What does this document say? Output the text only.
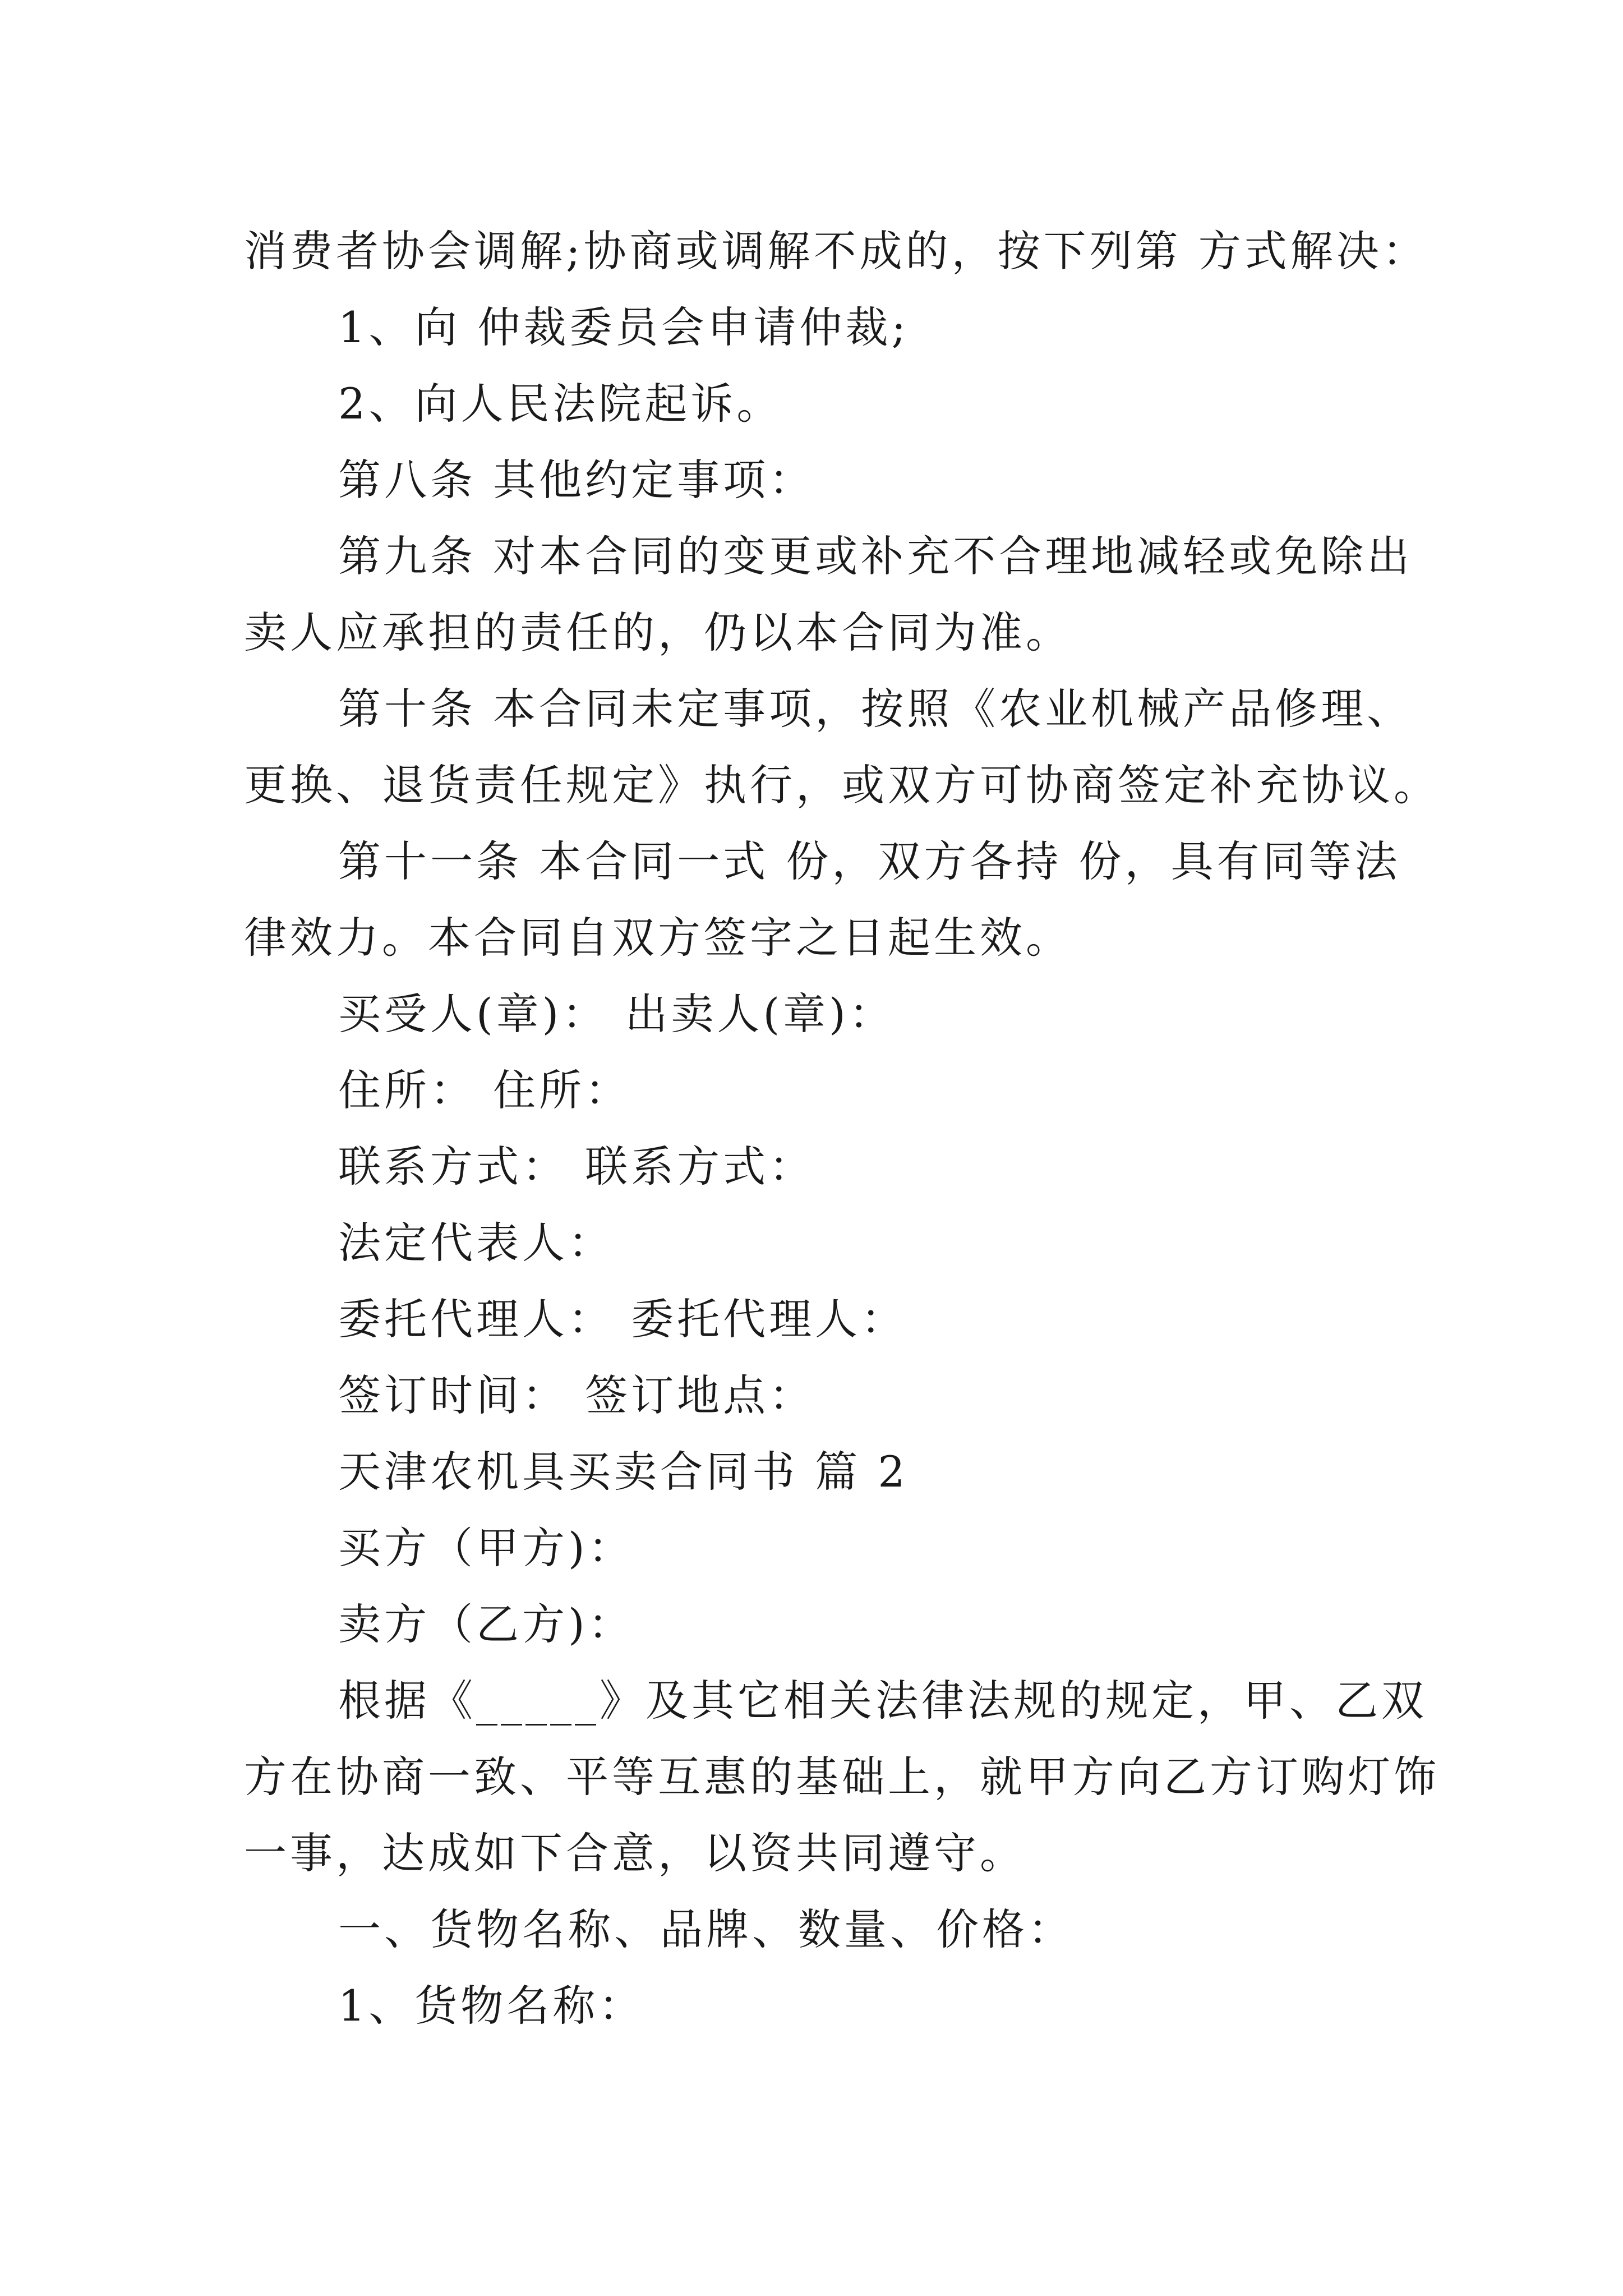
消费者协会调解;协商或调解不成的，按下列第 方式解决：
1、向 仲裁委员会申请仲裁;
2、向人民法院起诉。
第八条 其他约定事项：
第九条 对本合同的变更或补充不合理地减轻或免除出
卖人应承担的责任的，仍以本合同为准。
第十条 本合同未定事项，按照《农业机械产品修理、
更换、退货责任规定》执行，或双方可协商签定补充协议。
第十一条 本合同一式 份，双方各持 份，具有同等法
律效力。本合同自双方签字之日起生效。
买受人(章)： 出卖人(章)：
住所： 住所：
联系方式： 联系方式：
法定代表人：
委托代理人： 委托代理人：
签订时间： 签订地点：
天津农机具买卖合同书 篇 2
买方（甲方)：
卖方（乙方)：
根据《_____》及其它相关法律法规的规定，甲、乙双
方在协商一致、平等互惠的基础上，就甲方向乙方订购灯饰
一事，达成如下合意，以资共同遵守。
一、货物名称、品牌、数量、价格：
1、货物名称：
